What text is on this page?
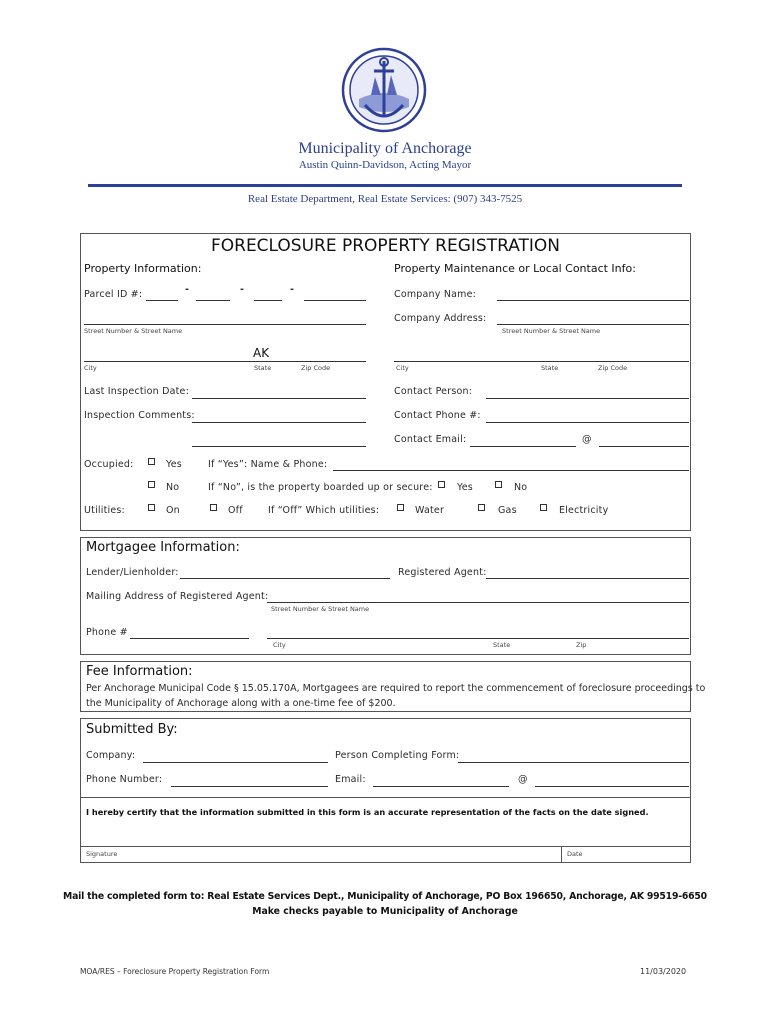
Municipality of Anchorage
Austin Quinn-Davidson, Acting Mayor
Real Estate Department, Real Estate Services: (907) 343-7525
FORECLOSURE PROPERTY REGISTRATION
Property Information:
Parcel ID #:	-	-	-
Street Number & Street Name
AK
City	State	Zip Code
Last Inspection Date:
Inspection Comments:
Property Maintenance or Local Contact Info:
Company Name:
Company Address:
Street Number & Street Name
City	State	Zip Code
Contact Person:
Contact Phone #:
Contact Email:	@
Occupied:	Yes	If “Yes”: Name & Phone:
No	If “No”, is the property boarded up or secure:	Yes	No
Utilities:	On	Off	If “Off” Which utilities:	Water	Gas	Electricity
Mortgagee Information:
Lender/Lienholder:	Registered Agent:
Mailing Address of Registered Agent:
Street Number & Street Name
Phone #
City	State	Zip
Fee Information:
Per Anchorage Municipal Code § 15.05.170A, Mortgagees are required to report the commencement of foreclosure proceedings to
the Municipality of Anchorage along with a one-time fee of $200.
Submitted By:
Company:	Person Completing Form:
Phone Number:	Email:	@
I hereby certify that the information submitted in this form is an accurate representation of the facts on the date signed.
Signature	Date
Mail the completed form to: Real Estate Services Dept., Municipality of Anchorage, PO Box 196650, Anchorage, AK 99519-6650
Make checks payable to Municipality of Anchorage
MOA/RES – Foreclosure Property Registration Form	11/03/2020
